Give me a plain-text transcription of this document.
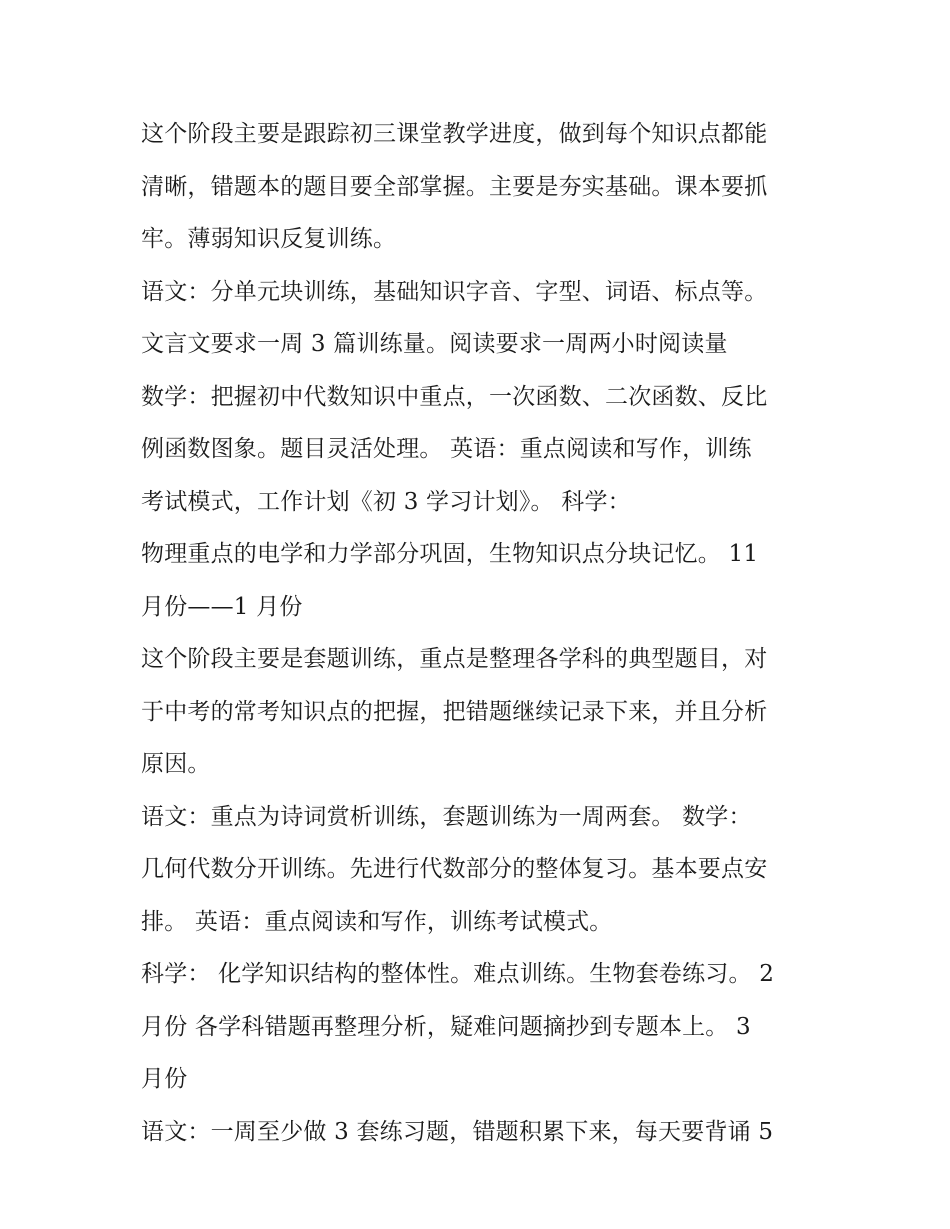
这个阶段主要是跟踪初三课堂教学进度，做到每个知识点都能
清晰，错题本的题目要全部掌握。主要是夯实基础。课本要抓
牢。薄弱知识反复训练。
语文：分单元块训练，基础知识字音、字型、词语、标点等。
文言文要求一周 3 篇训练量。阅读要求一周两小时阅读量
数学：把握初中代数知识中重点，一次函数、二次函数、反比
例函数图象。题目灵活处理。 英语：重点阅读和写作，训练
考试模式，工作计划《初 3 学习计划》。 科学：
物理重点的电学和力学部分巩固，生物知识点分块记忆。 11
月份——1 月份
这个阶段主要是套题训练，重点是整理各学科的典型题目，对
于中考的常考知识点的把握，把错题继续记录下来，并且分析
原因。
语文：重点为诗词赏析训练，套题训练为一周两套。 数学：
几何代数分开训练。先进行代数部分的整体复习。基本要点安
排。 英语：重点阅读和写作，训练考试模式。
科学： 化学知识结构的整体性。难点训练。生物套卷练习。 2
月份 各学科错题再整理分析，疑难问题摘抄到专题本上。 3
月份
语文：一周至少做 3 套练习题，错题积累下来，每天要背诵 5
